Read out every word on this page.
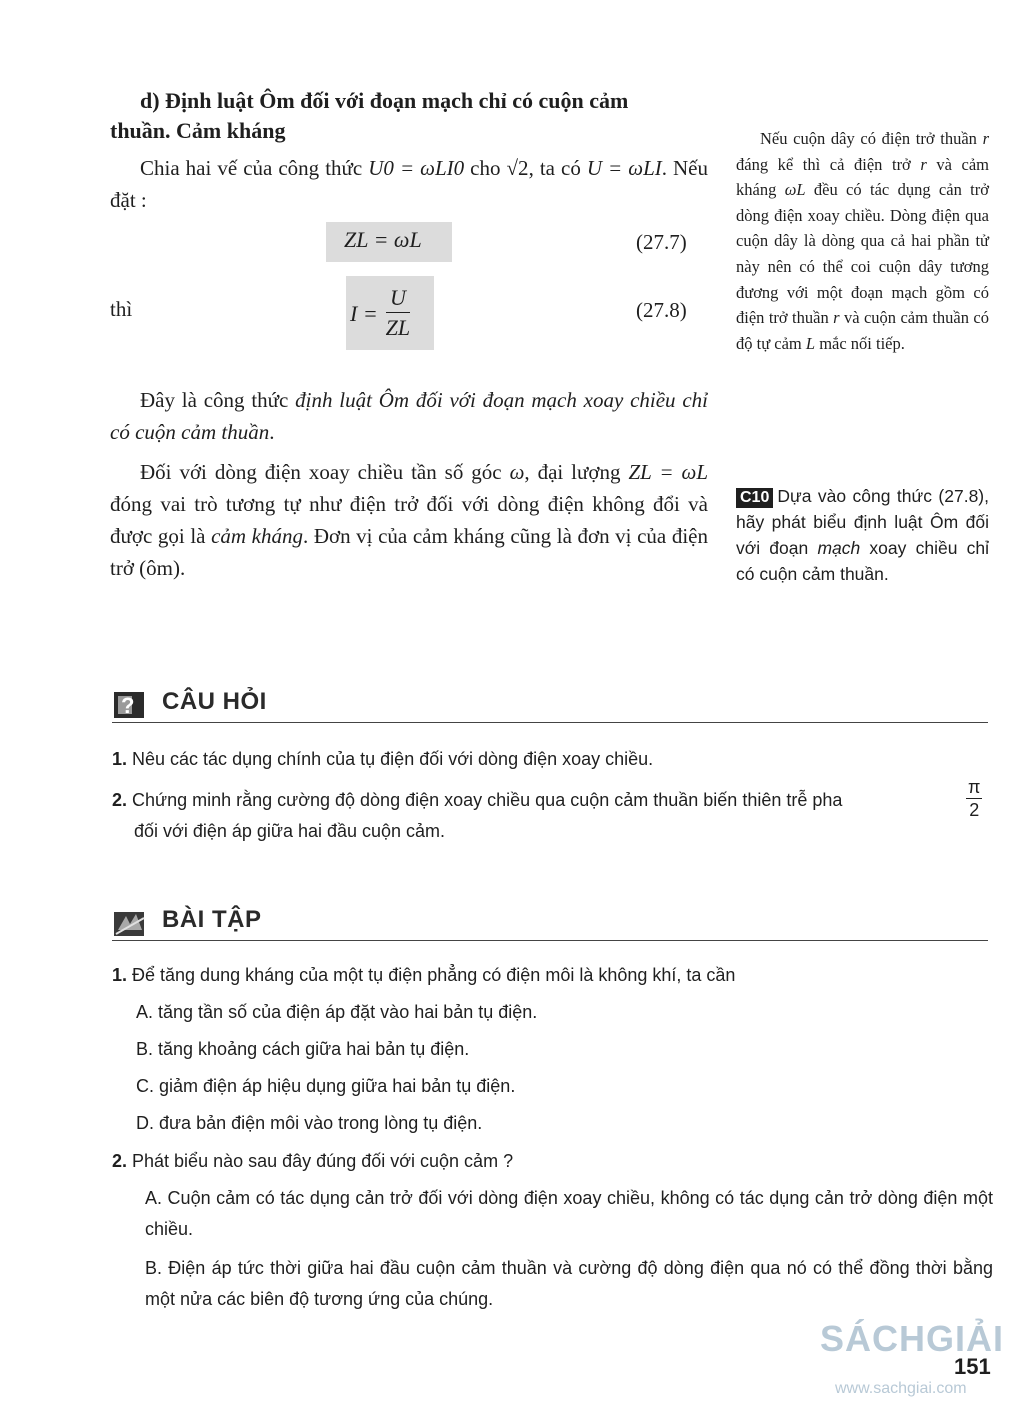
d) Định luật Ôm đối với đoạn mạch chỉ có cuộn cảm
thuần. Cảm kháng
Chia hai vế của công thức U0 = ωLI0 cho √2, ta có U = ωLI. Nếu đặt :
ZL = ωL	(27.7)
thì	$I = \frac{U}{ZL}$	(27.8)
Đây là công thức định luật Ôm đối với đoạn mạch xoay chiều chỉ có cuộn cảm thuần.
Đối với dòng điện xoay chiều tần số góc ω, đại lượng ZL = ωL đóng vai trò tương tự như điện trở đối với dòng điện không đổi và được gọi là cảm kháng. Đơn vị của cảm kháng cũng là đơn vị của điện trở (ôm).
Nếu cuộn dây có điện trở thuần r đáng kể thì cả điện trở r và cảm kháng ωL đều có tác dụng cản trở dòng điện xoay chiều. Dòng điện qua cuộn dây là dòng qua cả hai phần tử này nên có thể coi cuộn dây tương đương với một đoạn mạch gồm có điện trở thuần r và cuộn cảm thuần có độ tự cảm L mắc nối tiếp.
C10 Dựa vào công thức (27.8), hãy phát biểu định luật Ôm đối với đoạn mạch xoay chiều chỉ có cuộn cảm thuần.
? CÂU HỎI
1. Nêu các tác dụng chính của tụ điện đối với dòng điện xoay chiều.
2. Chứng minh rằng cường độ dòng điện xoay chiều qua cuộn cảm thuần biến thiên trễ pha
π
2
đối với điện áp giữa hai đầu cuộn cảm.
BÀI TẬP
1. Để tăng dung kháng của một tụ điện phẳng có điện môi là không khí, ta cần
A. tăng tần số của điện áp đặt vào hai bản tụ điện.
B. tăng khoảng cách giữa hai bản tụ điện.
C. giảm điện áp hiệu dụng giữa hai bản tụ điện.
D. đưa bản điện môi vào trong lòng tụ điện.
2. Phát biểu nào sau đây đúng đối với cuộn cảm ?
A. Cuộn cảm có tác dụng cản trở đối với dòng điện xoay chiều, không có tác dụng cản trở dòng điện một chiều.
B. Điện áp tức thời giữa hai đầu cuộn cảm thuần và cường độ dòng điện qua nó có thể đồng thời bằng một nửa các biên độ tương ứng của chúng.
SÁCHGIẢI
151
www.sachgiai.com
